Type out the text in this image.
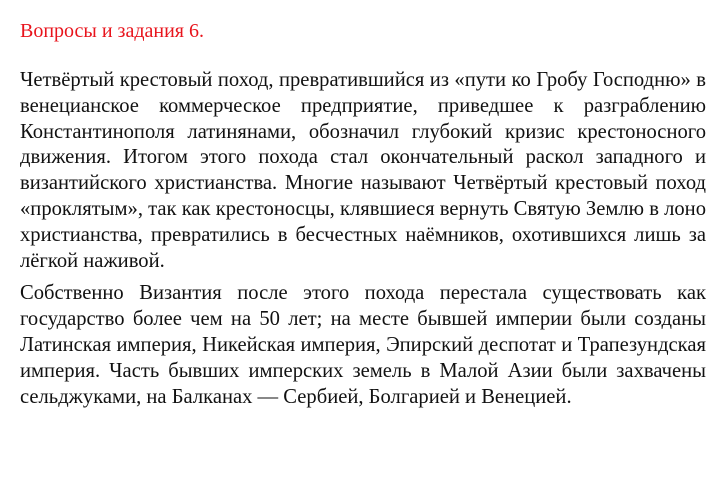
Вопросы и задания 6.

Четвёртый крестовый поход, превратившийся из «пути ко Гробу Господню» в венецианское коммерческое предприятие, приведшее к разграблению Константинополя латинянами, обозначил глубокий кризис крестоносного движения. Итогом этого похода стал окончательный раскол западного и византийского христианства. Многие называют Четвёртый крестовый поход «проклятым», так как крестоносцы, клявшиеся вернуть Святую Землю в лоно христианства, превратились в бесчестных наёмников, охотившихся лишь за лёгкой наживой.

Собственно Византия после этого похода перестала существовать как государство более чем на 50 лет; на месте бывшей империи были созданы Латинская империя, Никейская империя, Эпирский деспотат и Трапезундская империя. Часть бывших имперских земель в Малой Азии были захвачены сельджуками, на Балканах — Сербией, Болгарией и Венецией.
